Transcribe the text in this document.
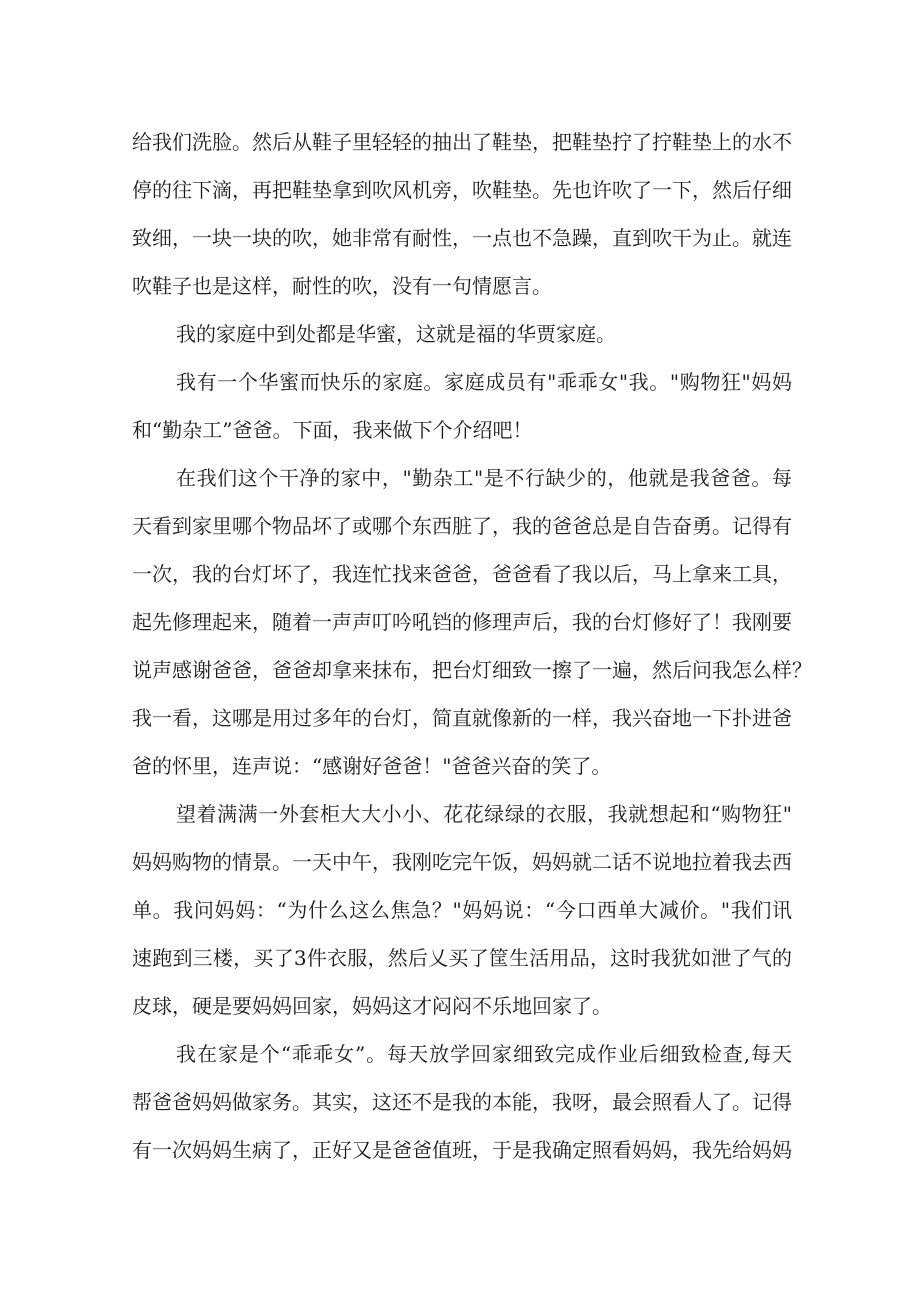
给我们洗脸。然后从鞋子里轻轻的抽出了鞋垫，把鞋垫拧了拧鞋垫上的水不
停的往下滴，再把鞋垫拿到吹风机旁，吹鞋垫。先也许吹了一下，然后仔细
致细，一块一块的吹，她非常有耐性，一点也不急躁，直到吹干为止。就连
吹鞋子也是这样，耐性的吹，没有一句情愿言。
我的家庭中到处都是华蜜，这就是福的华贾家庭。
我有一个华蜜而快乐的家庭。家庭成员有"乖乖女"我。"购物狂"妈妈
和“勤杂工”爸爸。下面，我来做下个介绍吧！
在我们这个干净的家中，"勤杂工"是不行缺少的，他就是我爸爸。每
天看到家里哪个物品坏了或哪个东西脏了，我的爸爸总是自告奋勇。记得有
一次，我的台灯坏了，我连忙找来爸爸，爸爸看了我以后，马上拿来工具，
起先修理起来，随着一声声叮吟吼铛的修理声后，我的台灯修好了！我刚要
说声感谢爸爸，爸爸却拿来抹布，把台灯细致一擦了一遍，然后问我怎么样？
我一看，这哪是用过多年的台灯，简直就像新的一样，我兴奋地一下扑进爸
爸的怀里，连声说：“感谢好爸爸！"爸爸兴奋的笑了。
望着满满一外套柜大大小小、花花绿绿的衣服，我就想起和“购物狂"
妈妈购物的情景。一天中午，我刚吃完午饭，妈妈就二话不说地拉着我去西
单。我问妈妈：“为什么这么焦急？"妈妈说：“今口西单大减价。"我们讯
速跑到三楼，买了3件衣服，然后乂买了筐生活用品，这时我犹如泄了气的
皮球，硬是要妈妈回家，妈妈这才闷闷不乐地回家了。
我在家是个“乖乖女”。每天放学回家细致完成作业后细致检查,每天
帮爸爸妈妈做家务。其实，这还不是我的本能，我呀，最会照看人了。记得
有一次妈妈生病了，正好又是爸爸值班，于是我确定照看妈妈，我先给妈妈
